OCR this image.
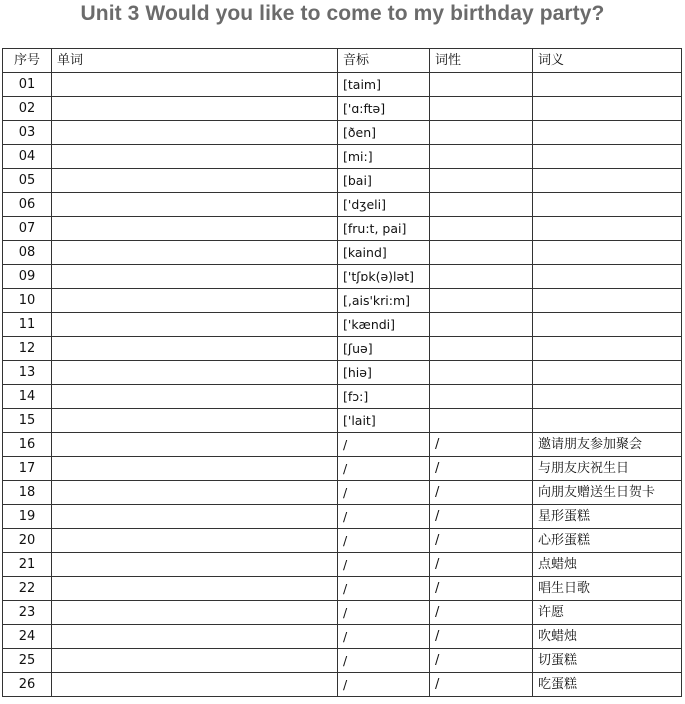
Unit 3 Would you like to come to my birthday party?
序号	单词	音标	词性	词义
01		[taim]		
02		['ɑ:ftə]		
03		[ðen]		
04		[mi:]		
05		[bai]		
06		['dʒeli]		
07		[fru:t, pai]		
08		[kaind]		
09		['tʃɒk(ə)lət]		
10		[,ais'kri:m]		
11		['kændi]		
12		[ʃuə]		
13		[hiə]		
14		[fɔ:]		
15		['lait]		
16		/	/	邀请朋友参加聚会
17		/	/	与朋友庆祝生日
18		/	/	向朋友赠送生日贺卡
19		/	/	星形蛋糕
20		/	/	心形蛋糕
21		/	/	点蜡烛
22		/	/	唱生日歌
23		/	/	许愿
24		/	/	吹蜡烛
25		/	/	切蛋糕
26		/	/	吃蛋糕
